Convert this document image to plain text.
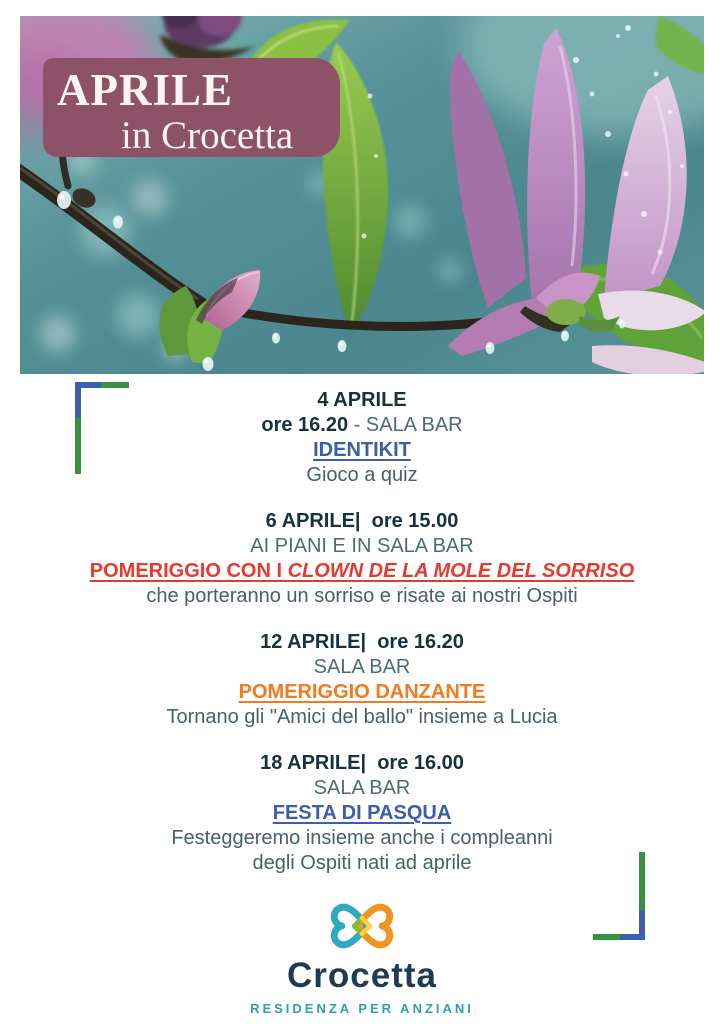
APRILE
in Crocetta
4 APRILE
ore 16.20 - SALA BAR
IDENTIKIT
Gioco a quiz
6 APRILE|  ore 15.00
AI PIANI E IN SALA BAR
POMERIGGIO CON I CLOWN DE LA MOLE DEL SORRISO
che porteranno un sorriso e risate ai nostri Ospiti
12 APRILE|  ore 16.20
SALA BAR
POMERIGGIO DANZANTE
Tornano gli "Amici del ballo" insieme a Lucia
18 APRILE|  ore 16.00
SALA BAR
FESTA DI PASQUA
Festeggeremo insieme anche i compleanni
degli Ospiti nati ad aprile
Crocetta
RESIDENZA PER ANZIANI
